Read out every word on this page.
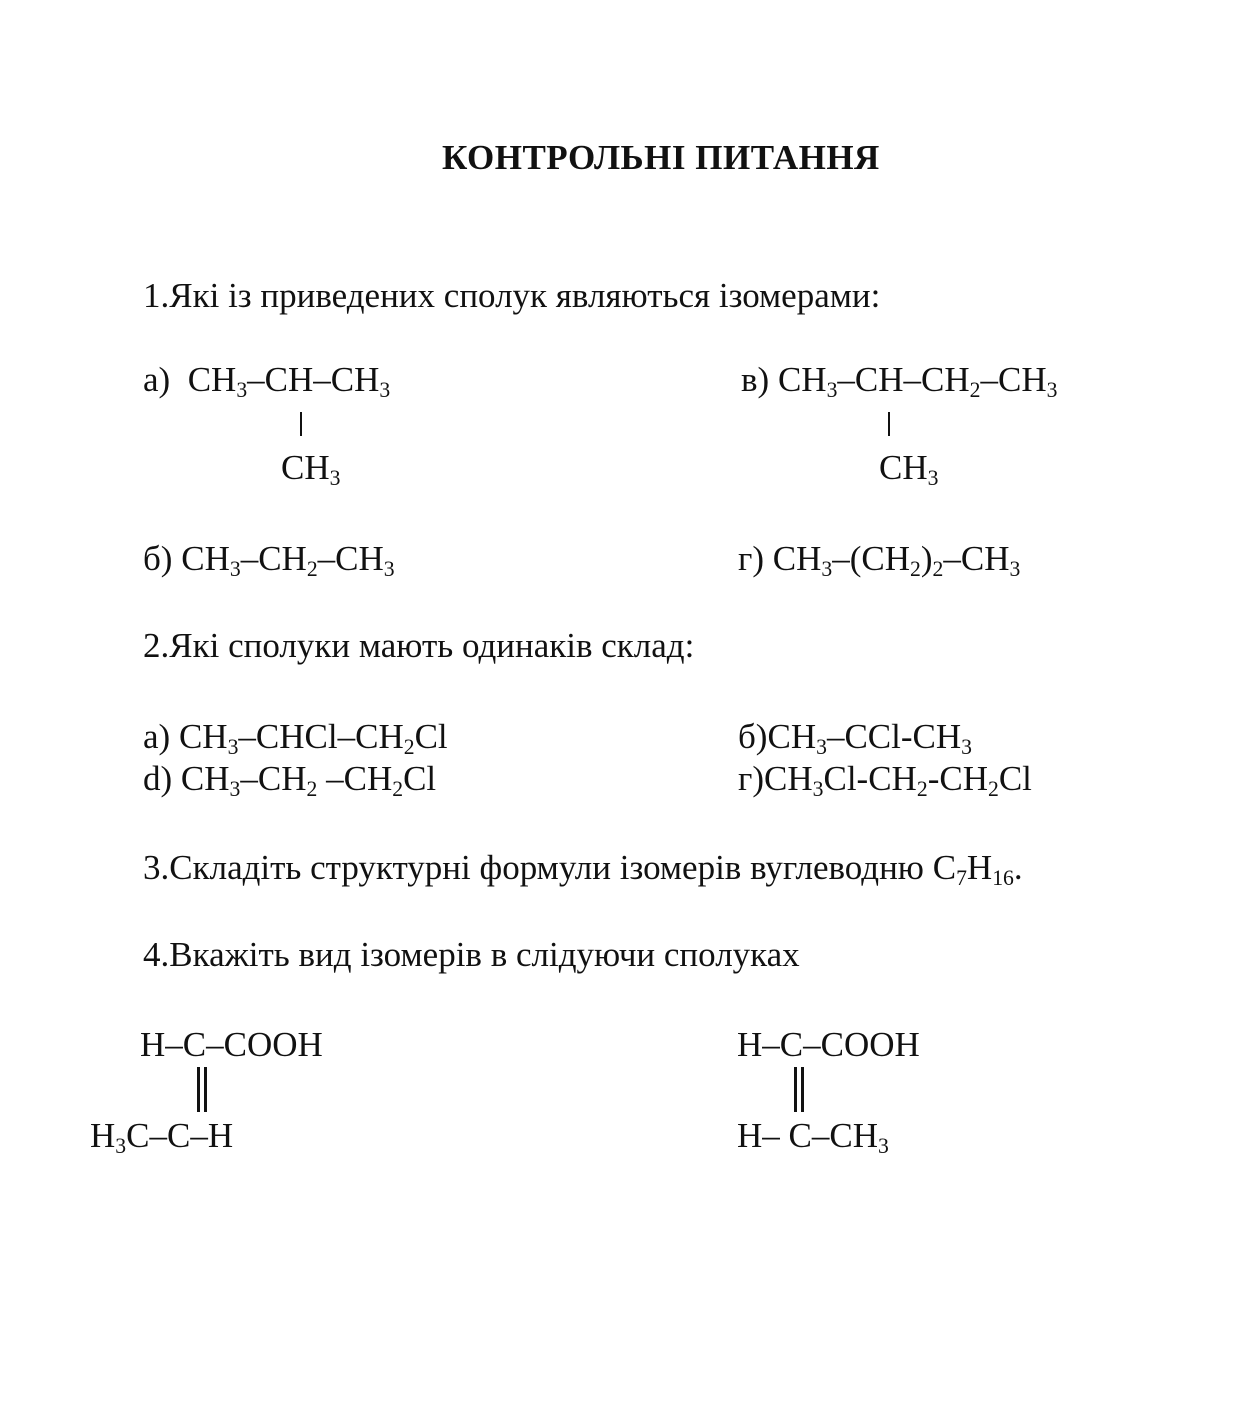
КОНТРОЛЬНІ ПИТАННЯ
1.Які із приведених сполук являються ізомерами:
а) $CH_3-CH-CH_3$
$CH_3$
в) $CH_3-CH-CH_2-CH_3$
$CH_3$
б) $CH_3-CH_2-CH_3$	г) $CH_3-(CH_2)_2-CH_3$
2.Які сполуки мають одинаків склад:
а) $CH_3-CHCl-CH_2Cl$	$б)CH_3-CCl-CH_3$
d) $CH_3-CH_2$ $-CH_2Cl$	$г)CH_3Cl-CH_2-CH_2Cl$
3.Складіть структурні формули ізомерів вуглеводню $C_7H_{16}$.
4.Вкажіть вид ізомерів в слідуючи сполуках
H–C–COOH
$H_3C-C-H$
H–C–COOH
H– $C-CH_3$
